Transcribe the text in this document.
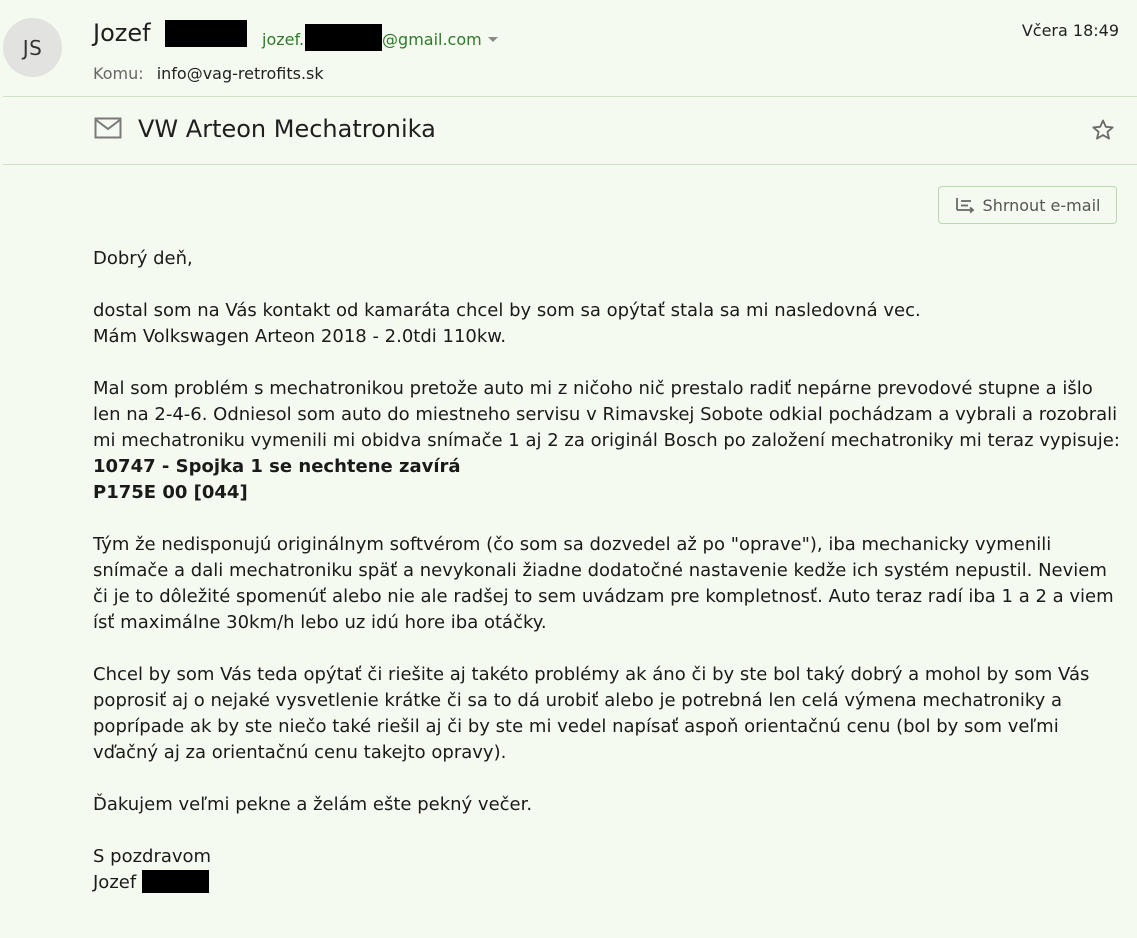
JS
Jozef	jozef.	@gmail.com	Včera 18:49
Komu: info@vag-retrofits.sk
VW Arteon Mechatronika
Shrnout e-mail

Dobrý deň,

dostal som na Vás kontakt od kamaráta chcel by som sa opýtať stala sa mi nasledovná vec.

Mám Volkswagen Arteon 2018 - 2.0tdi 110kw.

Mal som problém s mechatronikou pretože auto mi z ničoho nič prestalo radiť nepárne prevodové stupne a išlo len na 2-4-6. Odniesol som auto do miestneho servisu v Rimavskej Sobote odkial pochádzam a vybrali a rozobrali mi mechatroniku vymenili mi obidva snímače 1 aj 2 za originál Bosch po založení mechatroniky mi teraz vypisuje:

10747 - Spojka 1 se nechtene zavírá

P175E 00 [044]

Tým že nedisponujú originálnym softvérom (čo som sa dozvedel až po "oprave"), iba mechanicky vymenili snímače a dali mechatroniku späť a nevykonali žiadne dodatočné nastavenie kedže ich systém nepustil. Neviem či je to dôležité spomenúť alebo nie ale radšej to sem uvádzam pre kompletnosť. Auto teraz radí iba 1 a 2 a viem ísť maximálne 30km/h lebo uz idú hore iba otáčky.

Chcel by som Vás teda opýtať či riešite aj takéto problémy ak áno či by ste bol taký dobrý a mohol by som Vás poprosiť aj o nejaké vysvetlenie krátke či sa to dá urobiť alebo je potrebná len celá výmena mechatroniky a poprípade ak by ste niečo také riešil aj či by ste mi vedel napísať aspoň orientačnú cenu (bol by som veľmi vďačný aj za orientačnú cenu takejto opravy).

Ďakujem veľmi pekne a želám ešte pekný večer.

S pozdravom

Jozef
